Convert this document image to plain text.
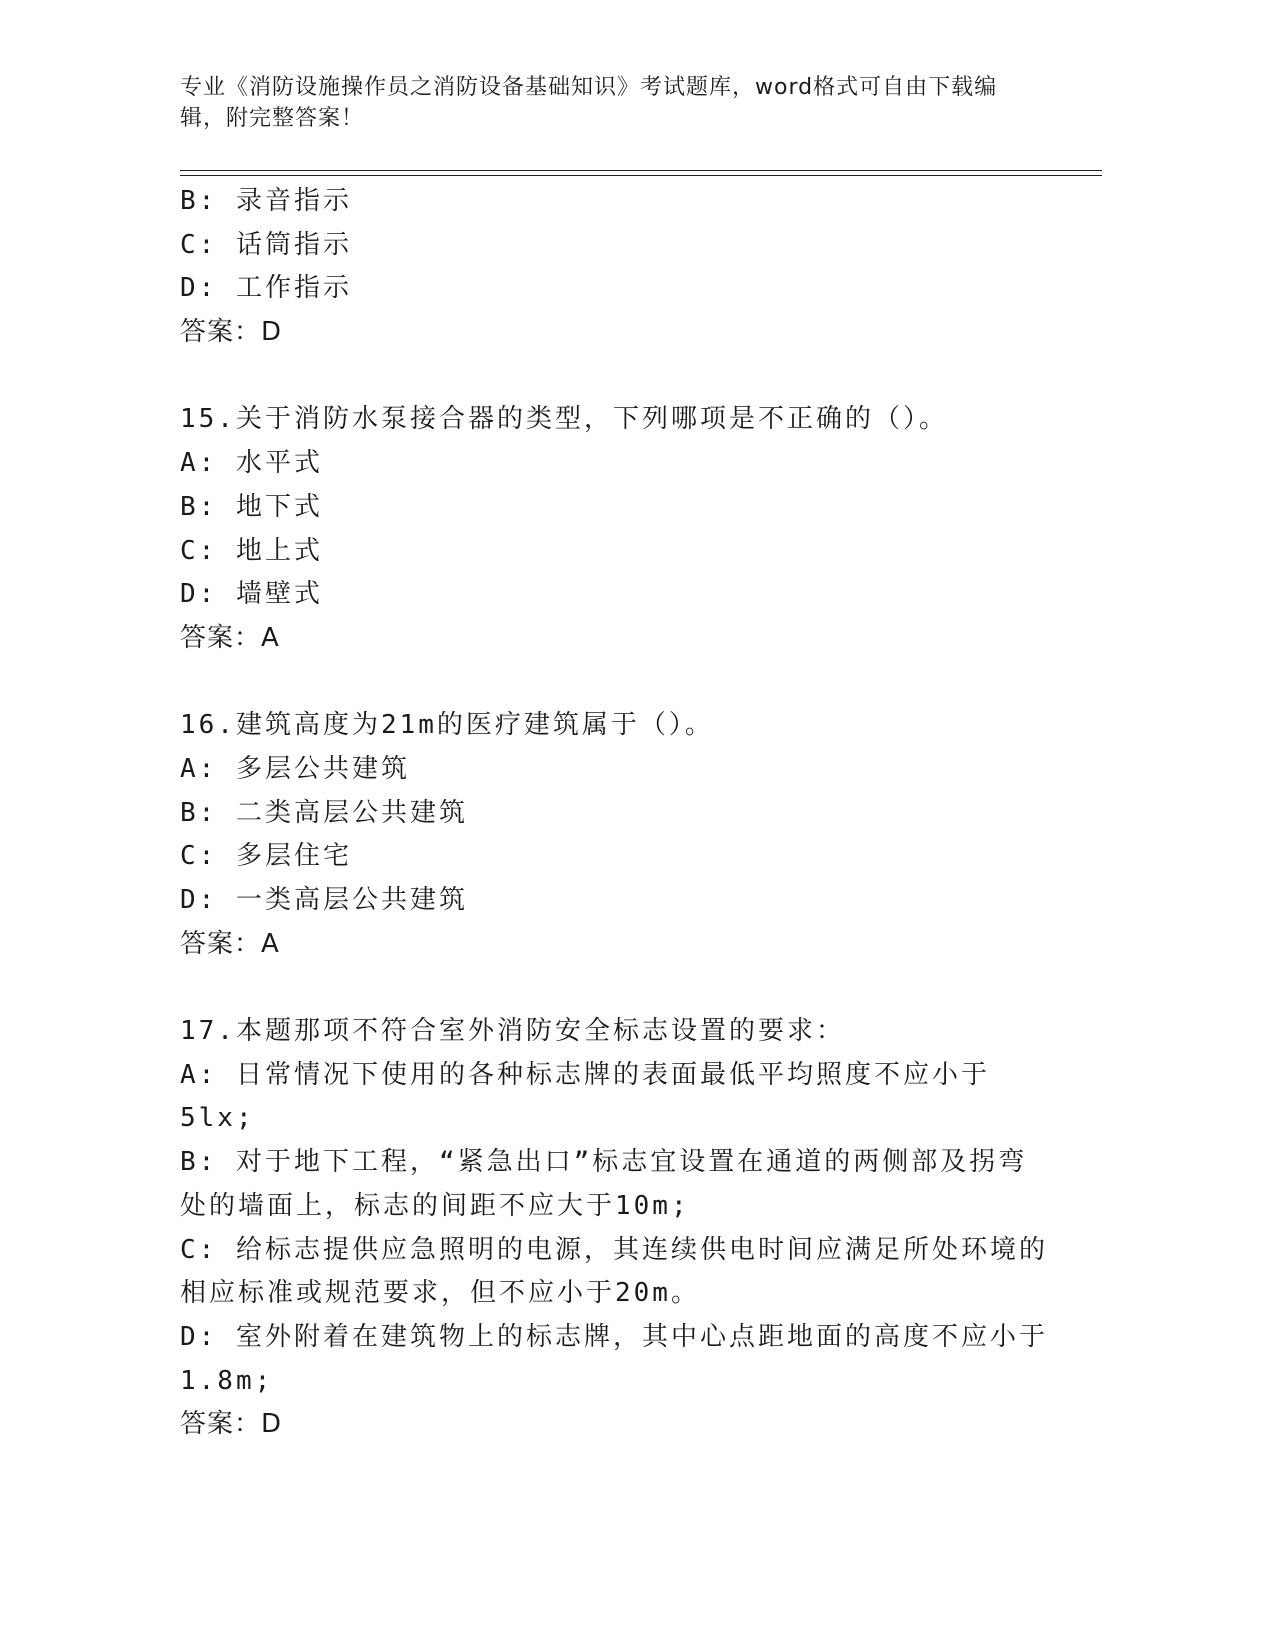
专业《消防设施操作员之消防设备基础知识》考试题库，word格式可自由下载编辑，附完整答案！
B: 录音指示
C: 话筒指示
D: 工作指示
答案：D
15.关于消防水泵接合器的类型，下列哪项是不正确的（）。
A: 水平式
B: 地下式
C: 地上式
D: 墙壁式
答案：A
16.建筑高度为21m的医疗建筑属于（）。
A: 多层公共建筑
B: 二类高层公共建筑
C: 多层住宅
D: 一类高层公共建筑
答案：A
17.本题那项不符合室外消防安全标志设置的要求：
A: 日常情况下使用的各种标志牌的表面最低平均照度不应小于5lx;
B: 对于地下工程，“紧急出口”标志宜设置在通道的两侧部及拐弯处的墙面上，标志的间距不应大于10m;
C: 给标志提供应急照明的电源，其连续供电时间应满足所处环境的相应标准或规范要求，但不应小于20m。
D: 室外附着在建筑物上的标志牌，其中心点距地面的高度不应小于1.8m;
答案：D
